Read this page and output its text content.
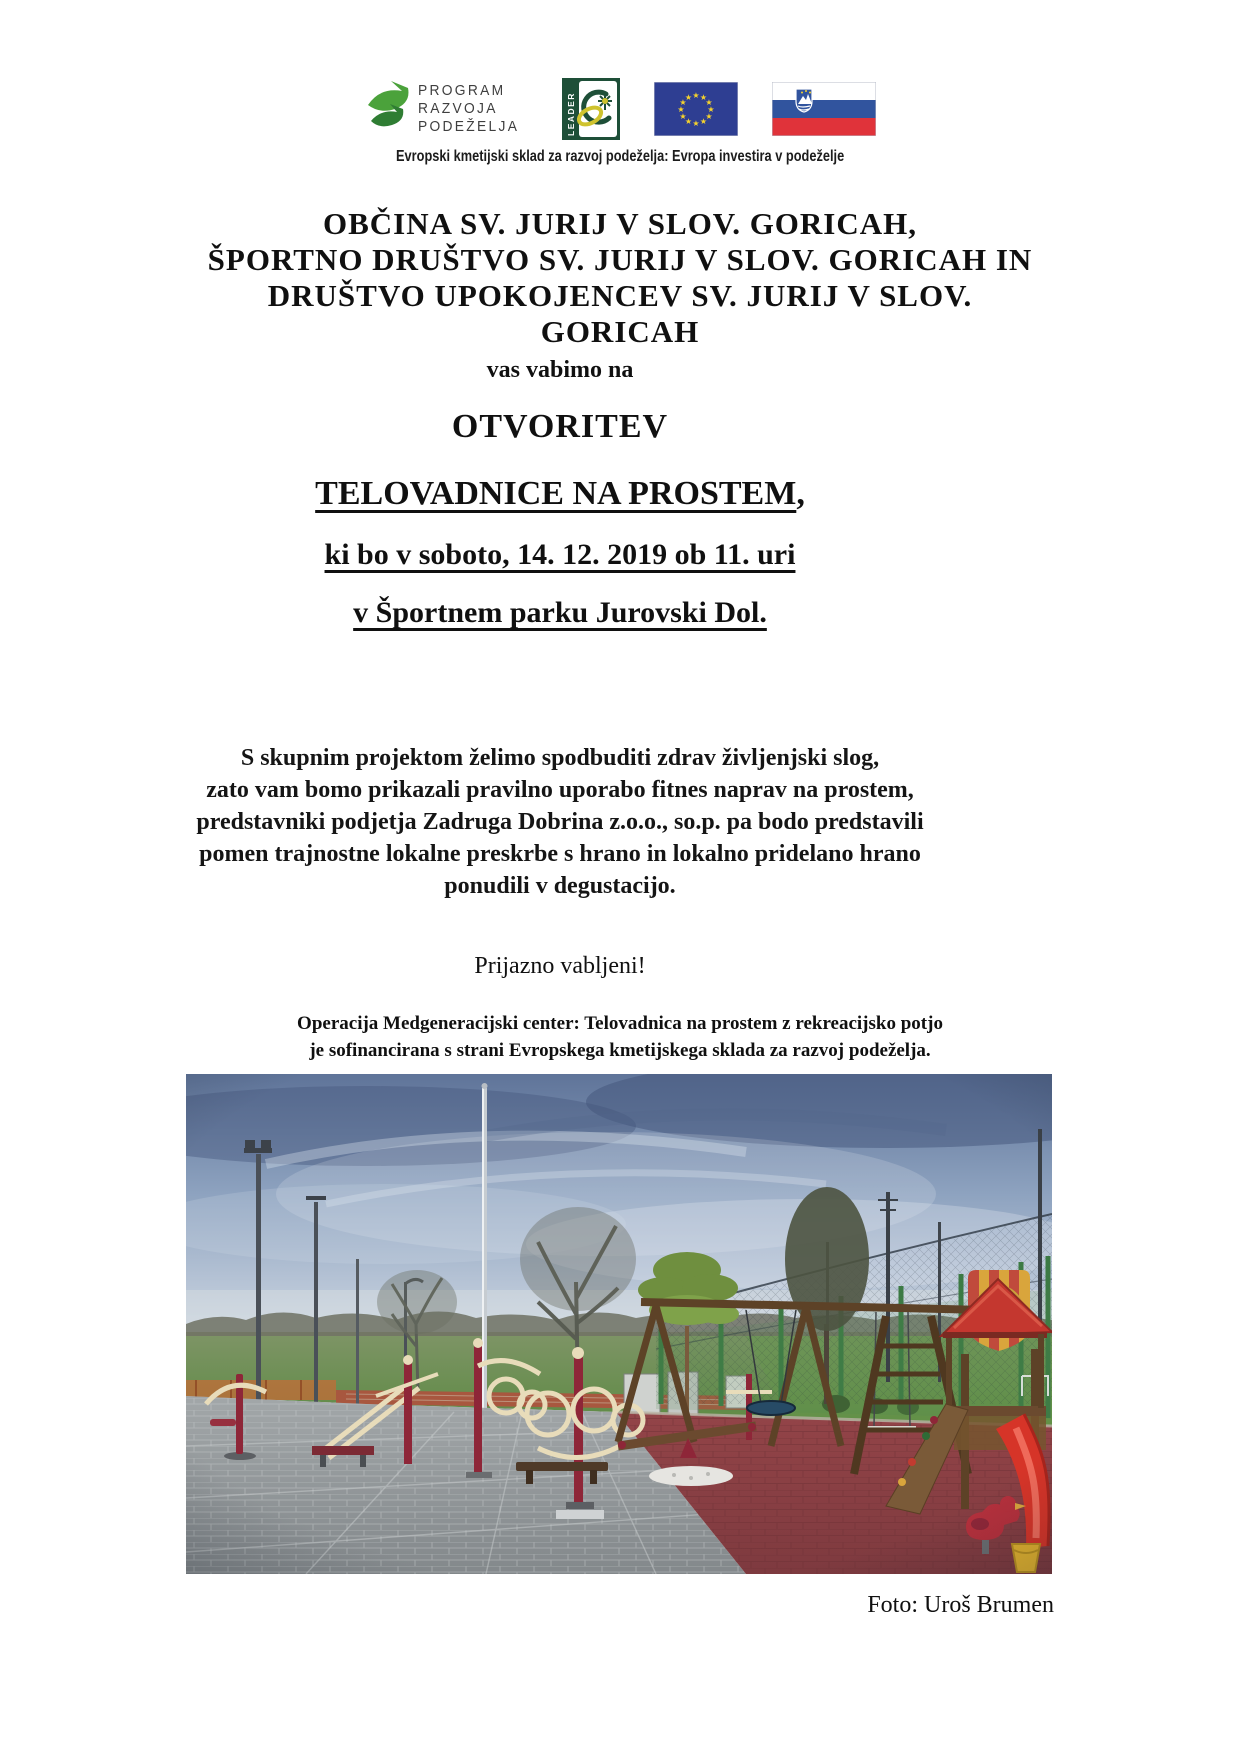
PROGRAM
RAZVOJA
PODEŽELJA	LEADER	★
★
★
★
★
★
★
★
★ ★ ★
★
Evropski kmetijski sklad za razvoj podeželja: Evropa investira v podeželje
OBČINA SV. JURIJ V SLOV. GORICAH,
ŠPORTNO DRUŠTVO SV. JURIJ V SLOV. GORICAH IN
DRUŠTVO UPOKOJENCEV SV. JURIJ V SLOV. GORICAH
vas vabimo na
OTVORITEV
TELOVADNICE NA PROSTEM,
ki bo v soboto, 14. 12. 2019 ob 11. uri
v Športnem parku Jurovski Dol.
S skupnim projektom želimo spodbuditi zdrav življenjski slog,
zato vam bomo prikazali pravilno uporabo fitnes naprav na prostem,
predstavniki podjetja Zadruga Dobrina z.o.o., so.p. pa bodo predstavili
pomen trajnostne lokalne preskrbe s hrano in lokalno pridelano hrano
ponudili v degustacijo.
Prijazno vabljeni!
Operacija Medgeneracijski center: Telovadnica na prostem z rekreacijsko potjo
je sofinancirana s strani Evropskega kmetijskega sklada za razvoj podeželja.
Foto: Uroš Brumen
